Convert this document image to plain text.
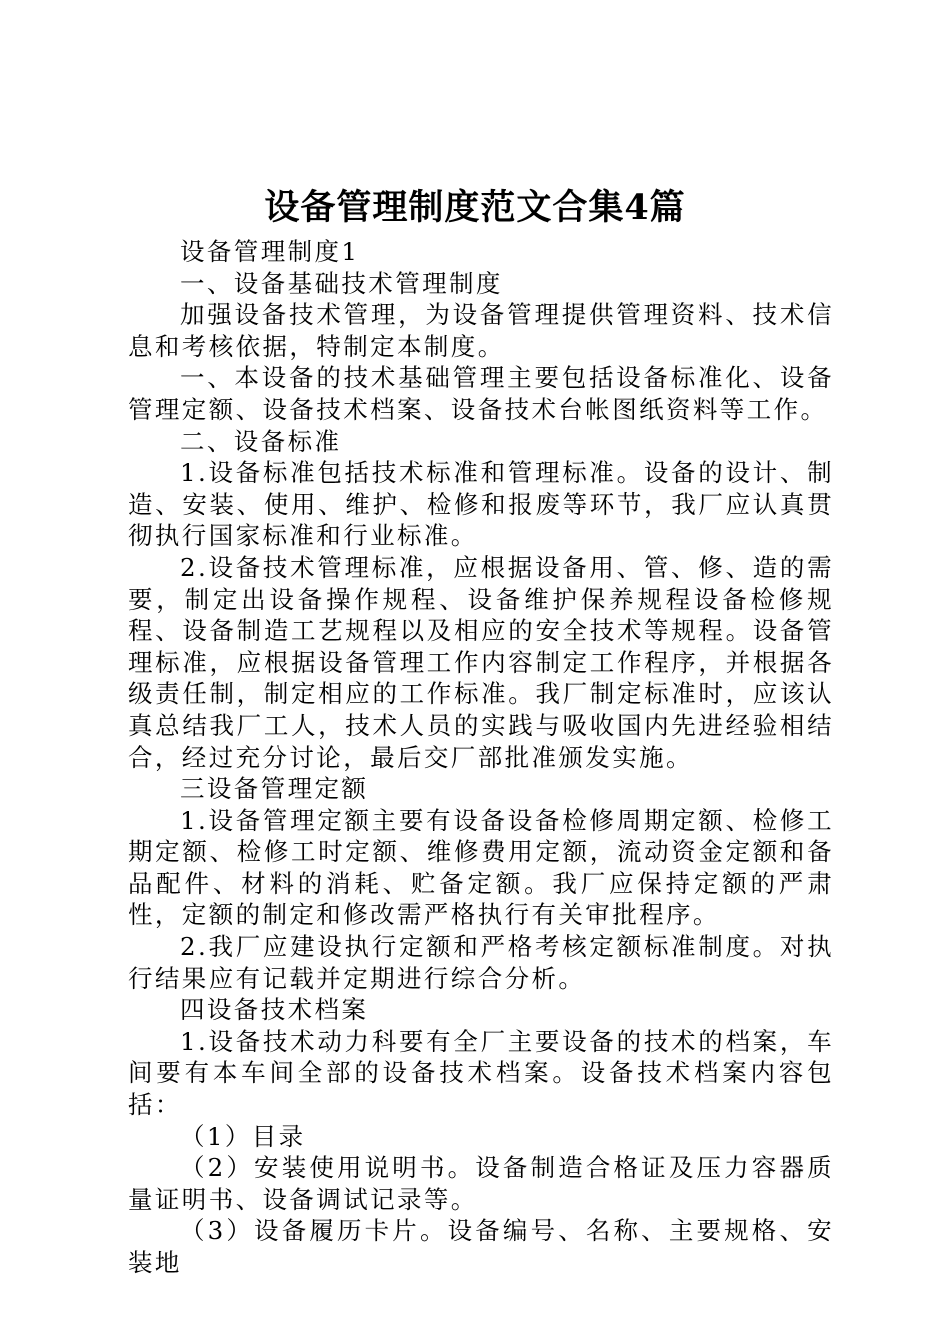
设备管理制度范文合集4篇

设备管理制度1

一、设备基础技术管理制度

加强设备技术管理，为设备管理提供管理资料、技术信息和考核依据，特制定本制度。

一、本设备的技术基础管理主要包括设备标准化、设备管理定额、设备技术档案、设备技术台帐图纸资料等工作。

二、设备标准

1.设备标准包括技术标准和管理标准。设备的设计、制造、安装、使用、维护、检修和报废等环节，我厂应认真贯彻执行国家标准和行业标准。

2.设备技术管理标准，应根据设备用、管、修、造的需要，制定出设备操作规程、设备维护保养规程设备检修规程、设备制造工艺规程以及相应的安全技术等规程。设备管理标准，应根据设备管理工作内容制定工作程序，并根据各级责任制，制定相应的工作标准。我厂制定标准时，应该认真总结我厂工人，技术人员的实践与吸收国内先进经验相结合，经过充分讨论，最后交厂部批准颁发实施。

三设备管理定额

1.设备管理定额主要有设备设备检修周期定额、检修工期定额、检修工时定额、维修费用定额，流动资金定额和备品配件、材料的消耗、贮备定额。我厂应保持定额的严肃性，定额的制定和修改需严格执行有关审批程序。

2.我厂应建设执行定额和严格考核定额标准制度。对执行结果应有记载并定期进行综合分析。

四设备技术档案

1.设备技术动力科要有全厂主要设备的技术的档案，车间要有本车间全部的设备技术档案。设备技术档案内容包括：

（1）目录

（2）安装使用说明书。设备制造合格证及压力容器质量证明书、设备调试记录等。

（3）设备履历卡片。设备编号、名称、主要规格、安装地
